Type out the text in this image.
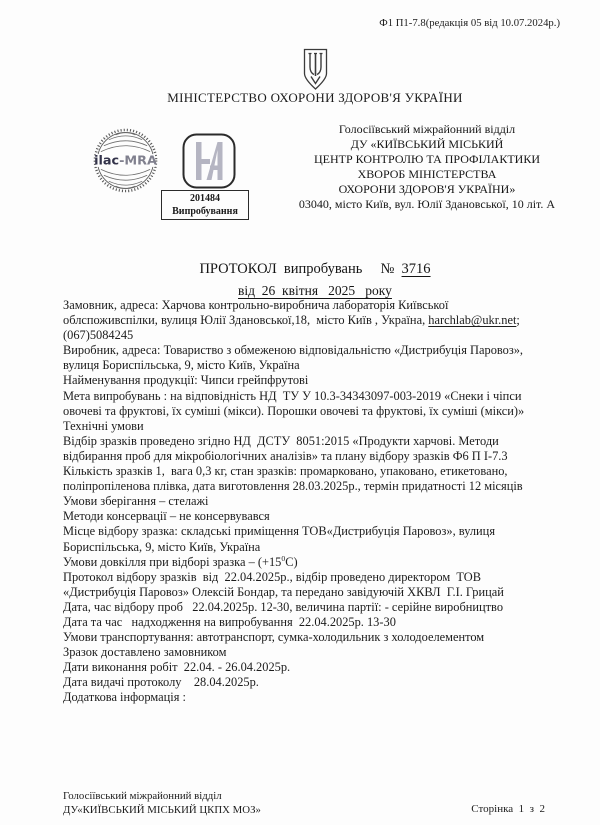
Ф1 П1-7.8(редакція 05 від 10.07.2024р.)
МІНІСТЕРСТВО ОХОРОНИ ЗДОРОВ'Я УКРАЇНИ
ilac-MRA
201484
Випробування
Голосіївський міжрайонний відділ
ДУ «КИЇВСЬКИЙ МІСЬКИЙ
ЦЕНТР КОНТРОЛЮ ТА ПРОФІЛАКТИКИ
ХВОРОБ МІНІСТЕРСТВА
ОХОРОНИ ЗДОРОВ'Я УКРАЇНИ»
03040, місто Київ, вул. Юлії Здановської, 10 літ. А
ПРОТОКОЛ  випробувань     №  3716
від  26  квітня   2025   року

Замовник, адреса: Харчова контрольно-виробнича лабораторія Київської облспоживспілки, вулиця Юлії Здановської,18,  місто Київ , Україна, harchlab@ukr.net; (067)5084245

Виробник, адреса: Товариство з обмеженою відповідальністю «Дистрибуція Паровоз», вулиця Бориспільська, 9, місто Київ, Україна

Найменування продукції: Чипси грейпфрутові

Мета випробувань : на відповідність НД  ТУ У 10.3-34343097-003-2019 «Снеки і чіпси овочеві та фруктові, їх суміші (мікси). Порошки овочеві та фруктові, їх суміші (мікси)» Технічні умови

Відбір зразків проведено згідно НД  ДСТУ  8051:2015 «Продукти харчові. Методи відбирання проб для мікробіологічних аналізів» та плану відбору зразків Ф6 П І-7.3

Кількість зразків 1,  вага 0,3 кг, стан зразків: промарковано, упаковано, етикетовано, поліпропіленова плівка, дата виготовлення 28.03.2025р., термін придатності 12 місяців

Умови зберігання – стелажі

Методи консервації – не консервувався

Місце відбору зразка: складські приміщення ТОВ«Дистрибуція Паровоз», вулиця Бориспільська, 9, місто Київ, Україна

Умови довкілля при відборі зразка – $(+15^0С)$

Протокол відбору зразків  від  22.04.2025р., відбір проведено директором  ТОВ «Дистрибуція Паровоз» Олексій Бондар, та передано завідуючій ХКВЛ  Г.І. Грицай

Дата, час відбору проб   22.04.2025р. 12-30, величина партії: - серійне виробництво

Дата та час   надходження на випробування  22.04.2025р. 13-30

Умови транспортування: автотранспорт, сумка-холодильник з холодоелементом

Зразок доставлено замовником

Дати виконання робіт  22.04. - 26.04.2025р.

Дата видачі протоколу    28.04.2025р.

Додаткова інформація :

Голосіївський міжрайонний відділ
ДУ«КИЇВСЬКИЙ МІСЬКИЙ ЦКПХ МОЗ»	Сторінка  1  з  2
